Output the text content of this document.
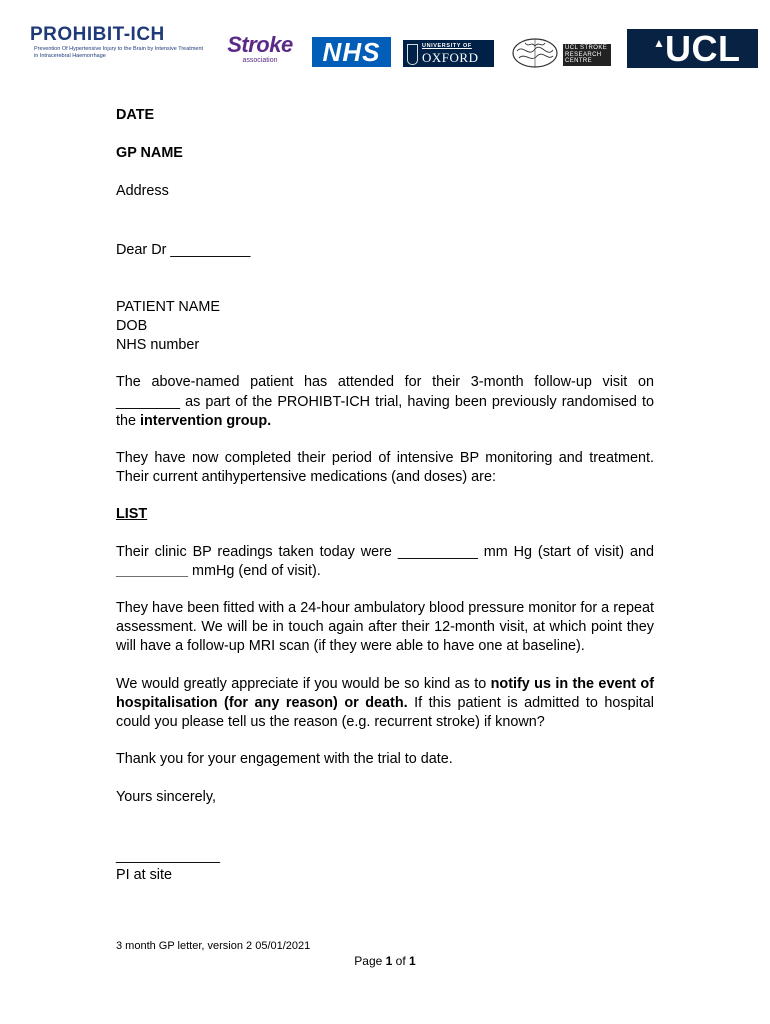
PROHIBIT-ICH
Prevention Of Hypertensive Injury to the Brain by Intensive Treatment in Intracerebral Haemorrhage	Stroke
association	NHS	UNIVERSITY OF
OXFORD
UCL STROKE
RESEARCH
CENTRE
▲ UCL

DATE

GP NAME

Address

Dear Dr __________

PATIENT NAME

DOB

NHS number

The above-named patient has attended for their 3-month follow-up visit on ________ as part of the PROHIBT-ICH trial, having been previously randomised to the intervention group.

They have now completed their period of intensive BP monitoring and treatment. Their current antihypertensive medications (and doses) are:

LIST

Their clinic BP readings taken today were __________ mm Hg (start of visit) and _________ mmHg (end of visit).

They have been fitted with a 24-hour ambulatory blood pressure monitor for a repeat assessment. We will be in touch again after their 12-month visit, at which point they will have a follow-up MRI scan (if they were able to have one at baseline).

We would greatly appreciate if you would be so kind as to notify us in the event of hospitalisation (for any reason) or death. If this patient is admitted to hospital could you please tell us the reason (e.g. recurrent stroke) if known?

Thank you for your engagement with the trial to date.

Yours sincerely,

_____________

PI at site

3 month GP letter, version 2 05/01/2021
Page 1 of 1
